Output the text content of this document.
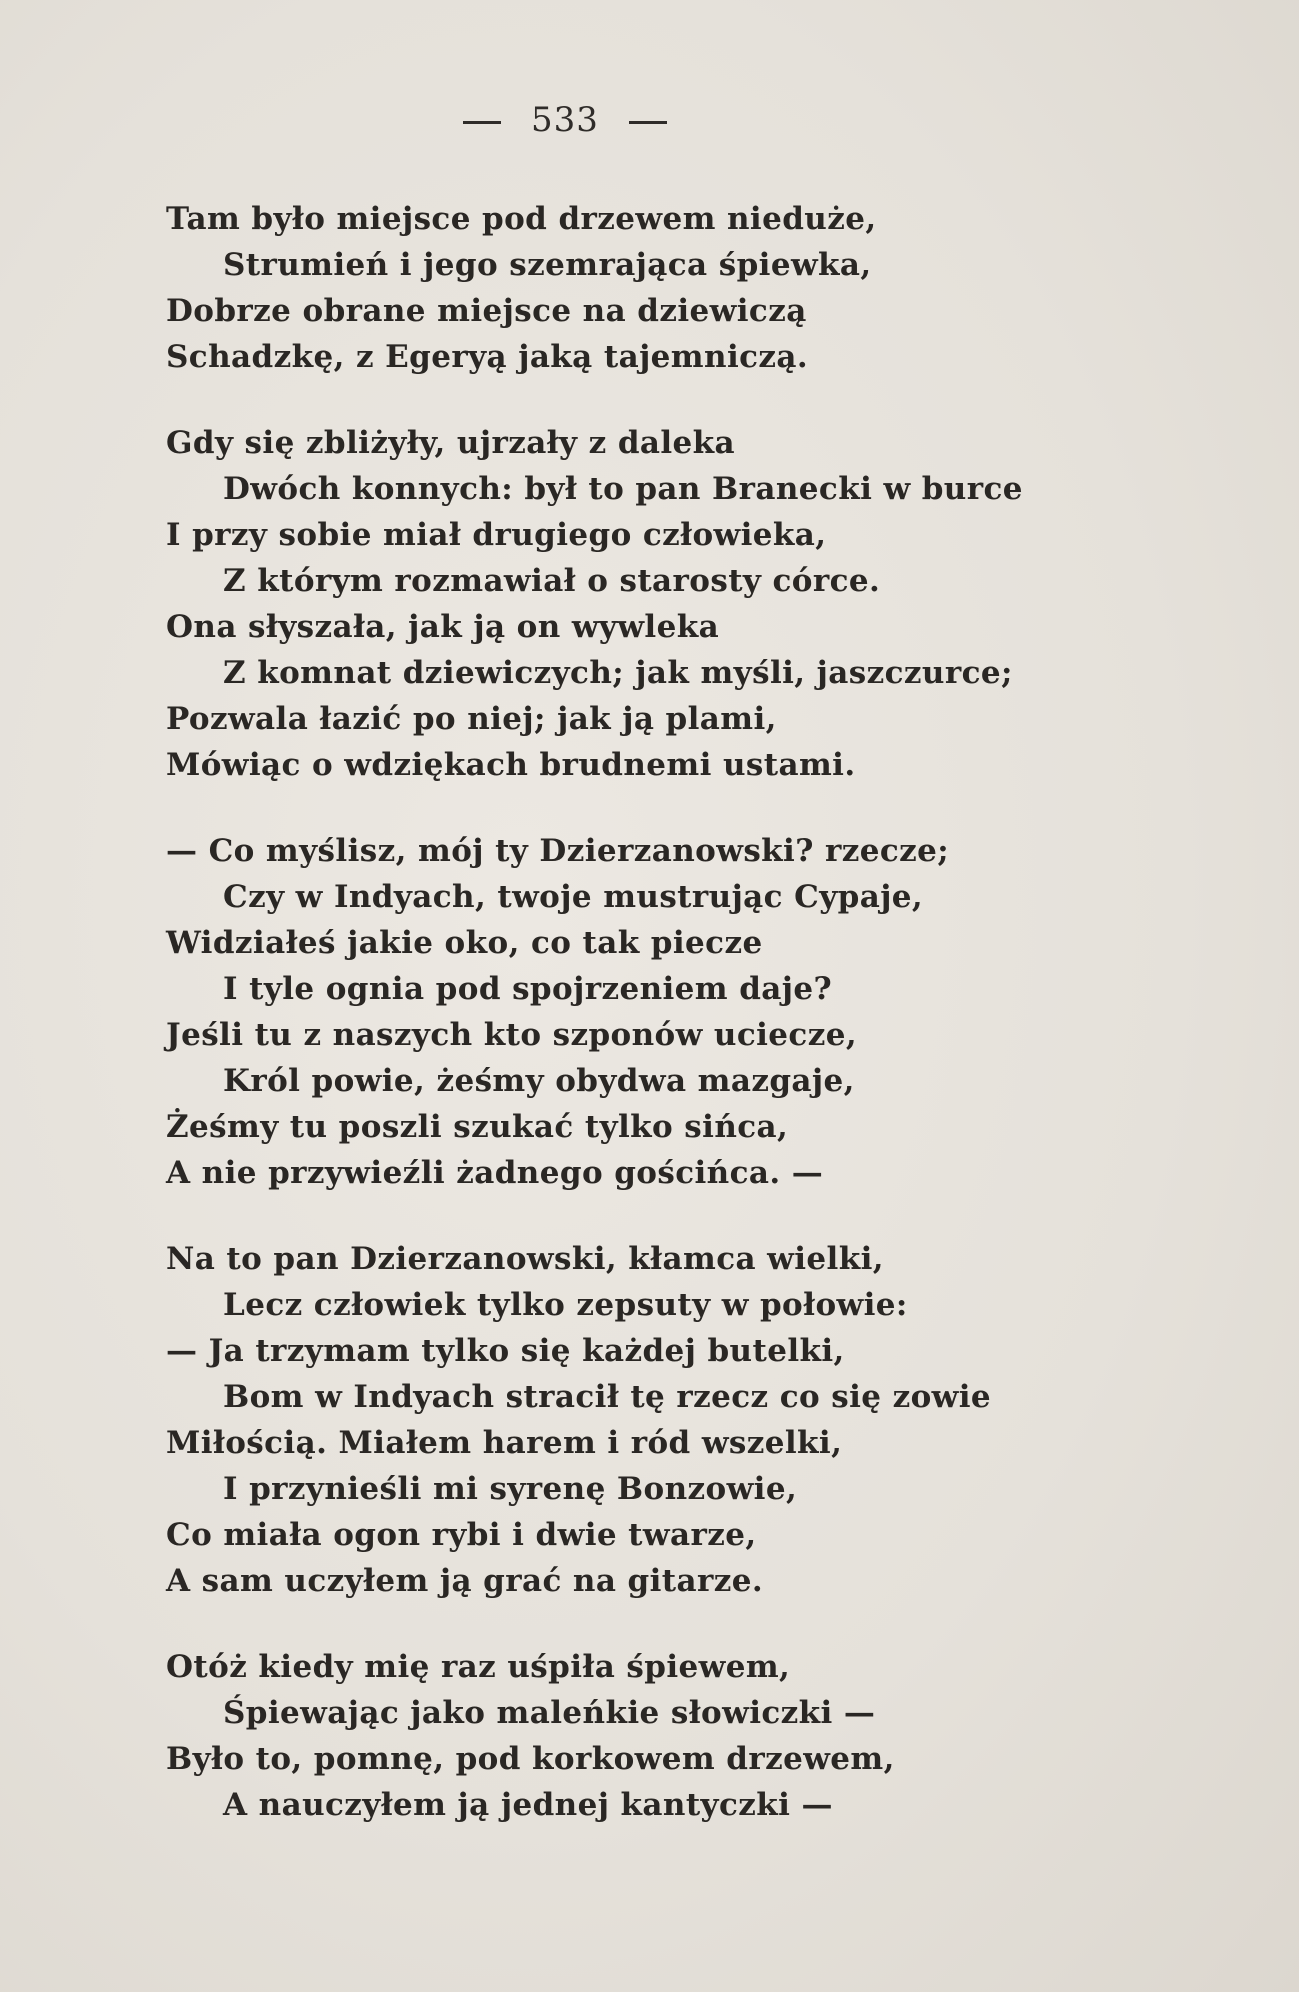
533
Tam było miejsce pod drzewem nieduże,
Strumień i jego szemrająca śpiewka,
Dobrze obrane miejsce na dziewiczą
Schadzkę, z Egeryą jaką tajemniczą.
Gdy się zbliżyły, ujrzały z daleka
Dwóch konnych: był to pan Branecki w burce
I przy sobie miał drugiego człowieka,
Z którym rozmawiał o starosty córce.
Ona słyszała, jak ją on wywleka
Z komnat dziewiczych; jak myśli, jaszczurce;
Pozwala łazić po niej; jak ją plami,
Mówiąc o wdziękach brudnemi ustami.
— Co myślisz, mój ty Dzierzanowski? rzecze;
Czy w Indyach, twoje mustrując Cypaje,
Widziałeś jakie oko, co tak piecze
I tyle ognia pod spojrzeniem daje?
Jeśli tu z naszych kto szponów uciecze,
Król powie, żeśmy obydwa mazgaje,
Żeśmy tu poszli szukać tylko sińca,
A nie przywieźli żadnego gościńca. —
Na to pan Dzierzanowski, kłamca wielki,
Lecz człowiek tylko zepsuty w połowie:
— Ja trzymam tylko się każdej butelki,
Bom w Indyach stracił tę rzecz co się zowie
Miłością. Miałem harem i ród wszelki,
I przynieśli mi syrenę Bonzowie,
Co miała ogon rybi i dwie twarze,
A sam uczyłem ją grać na gitarze.
Otóż kiedy mię raz uśpiła śpiewem,
Śpiewając jako maleńkie słowiczki —
Było to, pomnę, pod korkowem drzewem,
A nauczyłem ją jednej kantyczki —
